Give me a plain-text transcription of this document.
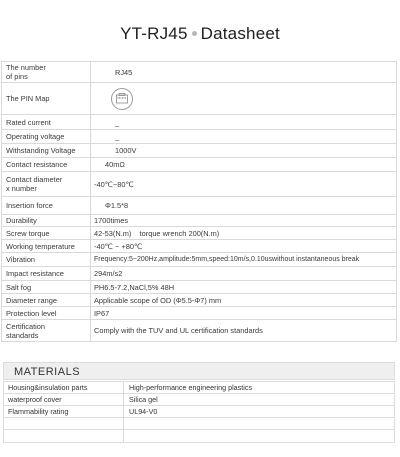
YT-RJ45 Datasheet
The number
of pins	RJ45
The PIN Map	

Rated current	_
Operating voltage	_
Withstanding Voltage	1000V
Contact resistance	40mΩ
Contact diameter
x number	-40℃~80℃
Insertion force	Φ1.5*8
Durability	1700times
Screw torque	42-53(N.m)    torque wrench 200(N.m)
Working temperature	-40℃ ~ +80℃
Vibration	Frequency:5~200Hz,amplitude:5mm,speed:10m/s,0.10uswithout instantaneous break
Impact resistance	294m/s2
Salt fog	PH6.5-7.2,NaCl,5% 48H
Diameter range	Applicable scope of OD (Φ5.5-Φ7) mm
Protection level	IP67
Certification
standards	Comply with the TUV and UL certification standards
MATERIALS
Housing&insulation parts	High-performance engineering plastics
waterproof cover	Silica gel
Flammability rating	UL94-V0
